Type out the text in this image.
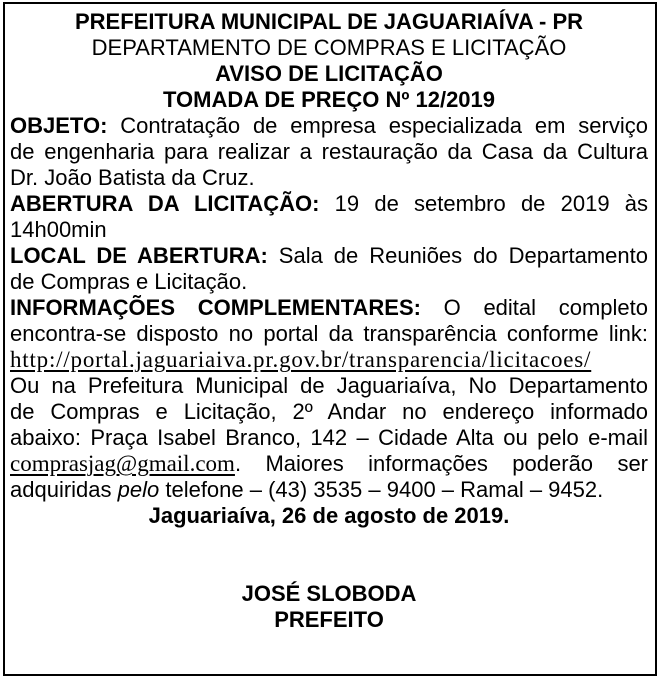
PREFEITURA MUNICIPAL DE JAGUARIAÍVA - PR
DEPARTAMENTO DE COMPRAS E LICITAÇÃO
AVISO DE LICITAÇÃO
TOMADA DE PREÇO Nº 12/2019
OBJETO: Contratação de empresa especializada em serviço
de engenharia para realizar a restauração da Casa da Cultura
Dr. João Batista da Cruz.
ABERTURA DA LICITAÇÃO: 19 de setembro de 2019 às
14h00min
LOCAL DE ABERTURA: Sala de Reuniões do Departamento
de Compras e Licitação.
INFORMAÇÕES COMPLEMENTARES: O edital completo
encontra-se disposto no portal da transparência conforme link:
http://portal.jaguariaiva.pr.gov.br/transparencia/licitacoes/
Ou na Prefeitura Municipal de Jaguariaíva, No Departamento
de Compras e Licitação, 2º Andar no endereço informado
abaixo: Praça Isabel Branco, 142 – Cidade Alta ou pelo e-mail
comprasjag@gmail.com. Maiores informações poderão ser
adquiridas pelo telefone – (43) 3535 – 9400 – Ramal – 9452.
Jaguariaíva, 26 de agosto de 2019.
JOSÉ SLOBODA
PREFEITO
